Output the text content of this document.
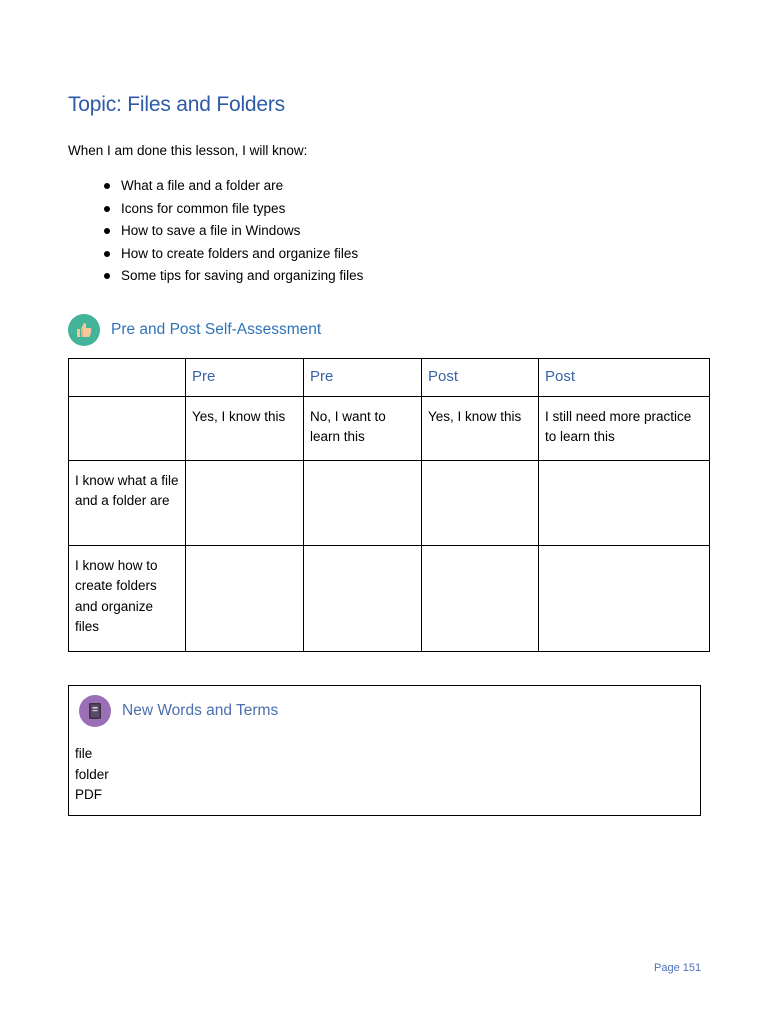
Topic: Files and Folders
When I am done this lesson, I will know:
What a file and a folder are
Icons for common file types
How to save a file in Windows
How to create folders and organize files
Some tips for saving and organizing files
Pre and Post Self-Assessment
	Pre	Pre	Post	Post
	Yes, I know this	No, I want to learn this	Yes, I know this	I still need more practice to learn this
I know what a file and a folder are				
I know how to create folders and organize files				
New Words and Terms
file
folder
PDF
Page 151
